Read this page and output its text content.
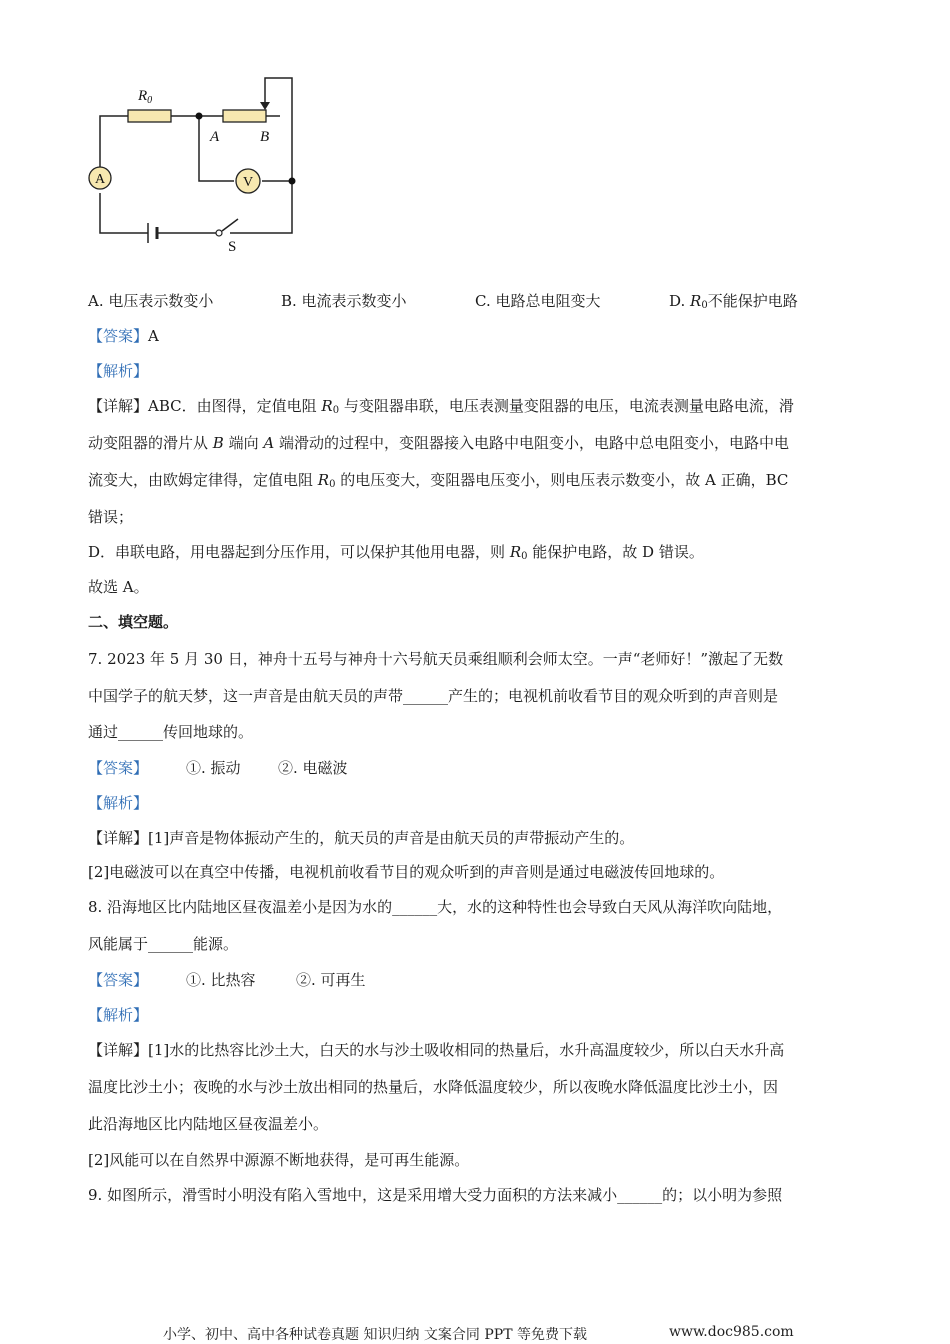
A	V
S
$R_0$
A	B
A. 电压表示数变小	B. 电流表示数变小	C. 电路总电阻变大	D. $R_0$不能保护电路
【答案】A
【解析】
【详解】ABC．由图得，定值电阻 $R_0$ 与变阻器串联，电压表测量变阻器的电压，电流表测量电路电流，滑
动变阻器的滑片从 B 端向 A 端滑动的过程中，变阻器接入电路中电阻变小，电路中总电阻变小，电路中电
流变大，由欧姆定律得，定值电阻 $R_0$ 的电压变大，变阻器电压变小，则电压表示数变小，故 A 正确，BC
错误；
D．串联电路，用电器起到分压作用，可以保护其他用电器，则 $R_0$ 能保护电路，故 D 错误。
故选 A。
二、填空题。
7. 2023 年 5 月 30 日，神舟十五号与神舟十六号航天员乘组顺利会师太空。一声“老师好！”激起了无数
中国学子的航天梦，这一声音是由航天员的声带______产生的；电视机前收看节目的观众听到的声音则是
通过______传回地球的。
【答案】	①. 振动 ②. 电磁波
【解析】
【详解】[1]声音是物体振动产生的，航天员的声音是由航天员的声带振动产生的。
[2]电磁波可以在真空中传播，电视机前收看节目的观众听到的声音则是通过电磁波传回地球的。
8. 沿海地区比内陆地区昼夜温差小是因为水的______大，水的这种特性也会导致白天风从海洋吹向陆地，
风能属于______能源。
【答案】	①. 比热容	②. 可再生
【解析】
【详解】[1]水的比热容比沙土大，白天的水与沙土吸收相同的热量后，水升高温度较少，所以白天水升高
温度比沙土小；夜晚的水与沙土放出相同的热量后，水降低温度较少，所以夜晚水降低温度比沙土小，因
此沿海地区比内陆地区昼夜温差小。
[2]风能可以在自然界中源源不断地获得，是可再生能源。
9. 如图所示，滑雪时小明没有陷入雪地中，这是采用增大受力面积的方法来减小______的；以小明为参照
小学、初中、高中各种试卷真题 知识归纳 文案合同 PPT 等免费下载	www.doc985.com
